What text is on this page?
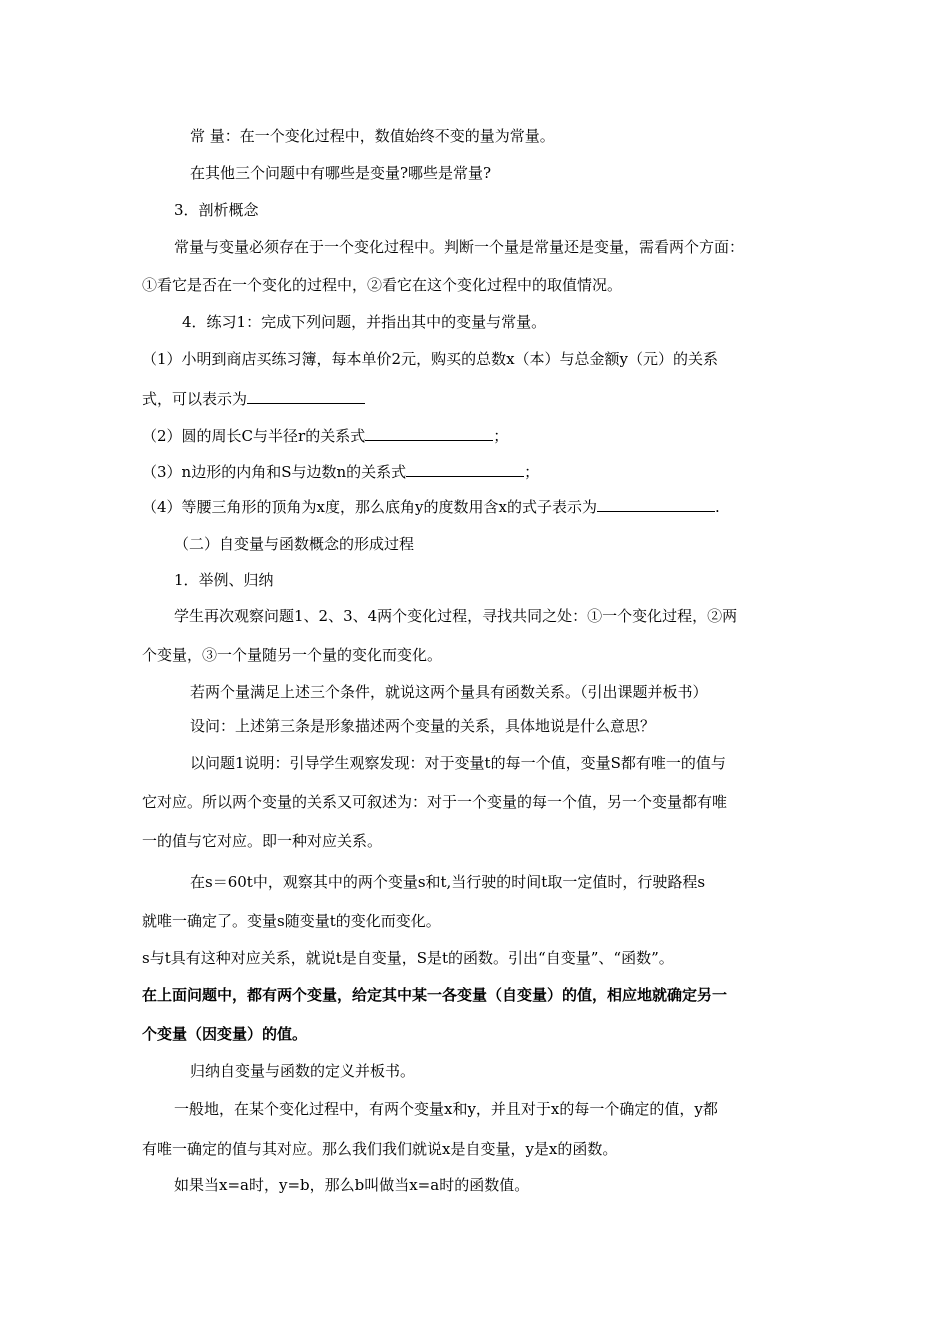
常 量：在一个变化过程中，数值始终不变的量为常量。
在其他三个问题中有哪些是变量?哪些是常量?
3．剖析概念
常量与变量必须存在于一个变化过程中。判断一个量是常量还是变量，需看两个方面：
①看它是否在一个变化的过程中，②看它在这个变化过程中的取值情况。
4．练习1：完成下列问题，并指出其中的变量与常量。
（1）小明到商店买练习簿，每本单价2元，购买的总数x（本）与总金额y（元）的关系
式，可以表示为
（2）圆的周长C与半径r的关系式	；
（3）n边形的内角和S与边数n的关系式	；
（4）等腰三角形的顶角为x度，那么底角y的度数用含x的式子表示为	.
（二）自变量与函数概念的形成过程
1．举例、归纳
学生再次观察问题1、2、3、4两个变化过程，寻找共同之处：①一个变化过程，②两
个变量，③一个量随另一个量的变化而变化。
若两个量满足上述三个条件，就说这两个量具有函数关系。（引出课题并板书）
设问：上述第三条是形象描述两个变量的关系，具体地说是什么意思？
以问题1说明：引导学生观察发现：对于变量t的每一个值，变量S都有唯一的值与
它对应。所以两个变量的关系又可叙述为：对于一个变量的每一个值，另一个变量都有唯
一的值与它对应。即一种对应关系。
在s＝60t中，观察其中的两个变量s和t,当行驶的时间t取一定值时，行驶路程s
就唯一确定了。变量s随变量t的变化而变化。
s与t具有这种对应关系，就说t是自变量，S是t的函数。引出“自变量”、“函数”。
在上面问题中，都有两个变量，给定其中某一各变量（自变量）的值，相应地就确定另一
个变量（因变量）的值。
归纳自变量与函数的定义并板书。
一般地，在某个变化过程中，有两个变量x和y，并且对于x的每一个确定的值，y都
有唯一确定的值与其对应。那么我们我们就说x是自变量，y是x的函数。
如果当x=a时，y=b，那么b叫做当x=a时的函数值。
